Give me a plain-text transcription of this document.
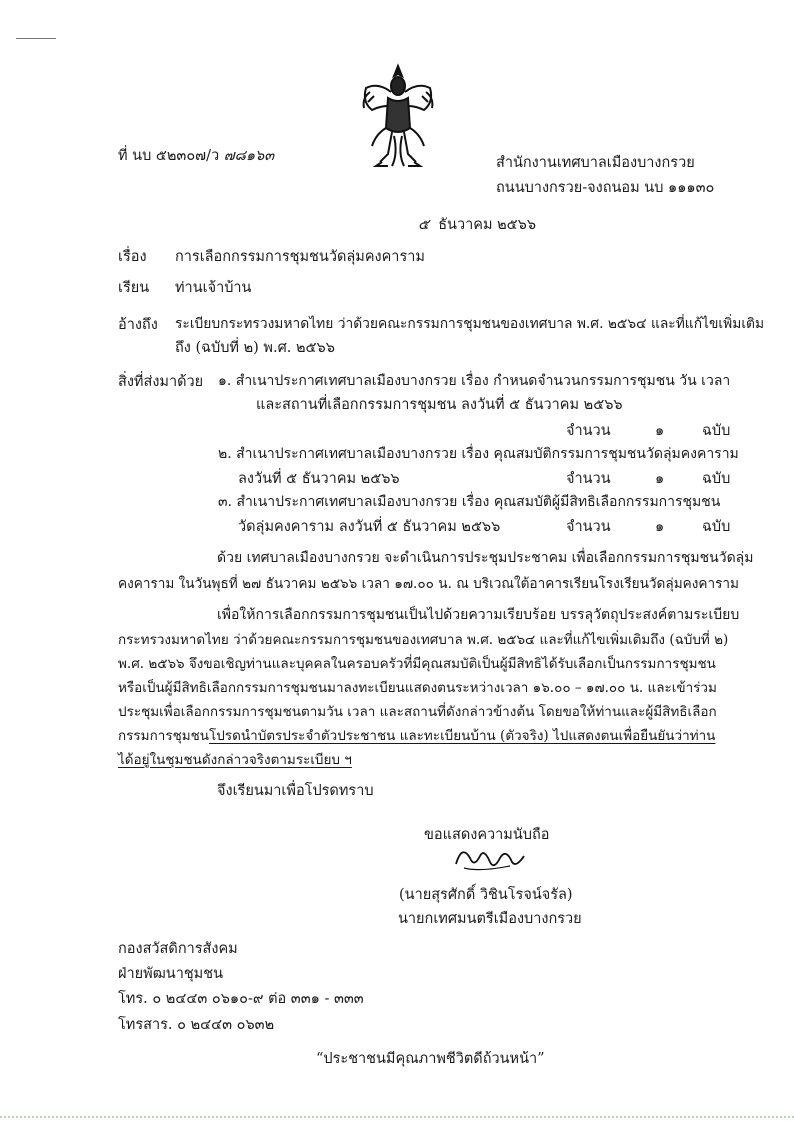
ที่ นบ ๕๒๓๐๗/ว ๗๘๑๖๓	สำนักงานเทศบาลเมืองบางกรวย
ถนนบางกรวย-จงถนอม นบ ๑๑๑๓๐
๕ ธันวาคม ๒๕๖๖
เรื่อง การเลือกกรรมการชุมชนวัดลุ่มคงคาราม
เรียน ท่านเจ้าบ้าน
อ้างถึง ระเบียบกระทรวงมหาดไทย ว่าด้วยคณะกรรมการชุมชนของเทศบาล พ.ศ. ๒๕๖๔ และที่แก้ไขเพิ่มเติม
ถึง (ฉบับที่ ๒) พ.ศ. ๒๕๖๖
สิ่งที่ส่งมาด้วย ๑. สำเนาประกาศเทศบาลเมืองบางกรวย เรื่อง กำหนดจำนวนกรรมการชุมชน วัน เวลา
และสถานที่เลือกกรรมการชุมชน ลงวันที่ ๕ ธันวาคม ๒๕๖๖
จำนวน	๑	ฉบับ
๒. สำเนาประกาศเทศบาลเมืองบางกรวย เรื่อง คุณสมบัติกรรมการชุมชนวัดลุ่มคงคาราม
ลงวันที่ ๕ ธันวาคม ๒๕๖๖	จำนวน	๑	ฉบับ
๓. สำเนาประกาศเทศบาลเมืองบางกรวย เรื่อง คุณสมบัติผู้มีสิทธิเลือกกรรมการชุมชน
วัดลุ่มคงคาราม ลงวันที่ ๕ ธันวาคม ๒๕๖๖	จำนวน	๑	ฉบับ
ด้วย เทศบาลเมืองบางกรวย จะดำเนินการประชุมประชาคม เพื่อเลือกกรรมการชุมชนวัดลุ่ม
คงคาราม ในวันพุธที่ ๒๗ ธันวาคม ๒๕๖๖ เวลา ๑๗.๐๐ น. ณ บริเวณใต้อาคารเรียนโรงเรียนวัดลุ่มคงคาราม
เพื่อให้การเลือกกรรมการชุมชนเป็นไปด้วยความเรียบร้อย บรรลุวัตถุประสงค์ตามระเบียบ
กระทรวงมหาดไทย ว่าด้วยคณะกรรมการชุมชนของเทศบาล พ.ศ. ๒๕๖๔ และที่แก้ไขเพิ่มเติมถึง (ฉบับที่ ๒)
พ.ศ. ๒๕๖๖ จึงขอเชิญท่านและบุคคลในครอบครัวที่มีคุณสมบัติเป็นผู้มีสิทธิได้รับเลือกเป็นกรรมการชุมชน
หรือเป็นผู้มีสิทธิเลือกกรรมการชุมชนมาลงทะเบียนแสดงตนระหว่างเวลา ๑๖.๐๐ – ๑๗.๐๐ น. และเข้าร่วม
ประชุมเพื่อเลือกกรรมการชุมชนตามวัน เวลา และสถานที่ดังกล่าวข้างต้น โดยขอให้ท่านและผู้มีสิทธิเลือก
กรรมการชุมชนโปรดนำบัตรประจำตัวประชาชน และทะเบียนบ้าน (ตัวจริง) ไปแสดงตนเพื่อยืนยันว่าท่าน
ได้อยู่ในชุมชนดังกล่าวจริงตามระเบียบ ฯ
จึงเรียนมาเพื่อโปรดทราบ
ขอแสดงความนับถือ
(นายสุรศักดิ์ วิชินโรจน์จรัล)
นายกเทศมนตรีเมืองบางกรวย
กองสวัสดิการสังคม
ฝ่ายพัฒนาชุมชน
โทร. ๐ ๒๔๔๓ ๐๖๑๐-๙ ต่อ ๓๓๑ - ๓๓๓
โทรสาร. ๐ ๒๔๔๓ ๐๖๓๒
“ประชาชนมีคุณภาพชีวิตดีถ้วนหน้า”
